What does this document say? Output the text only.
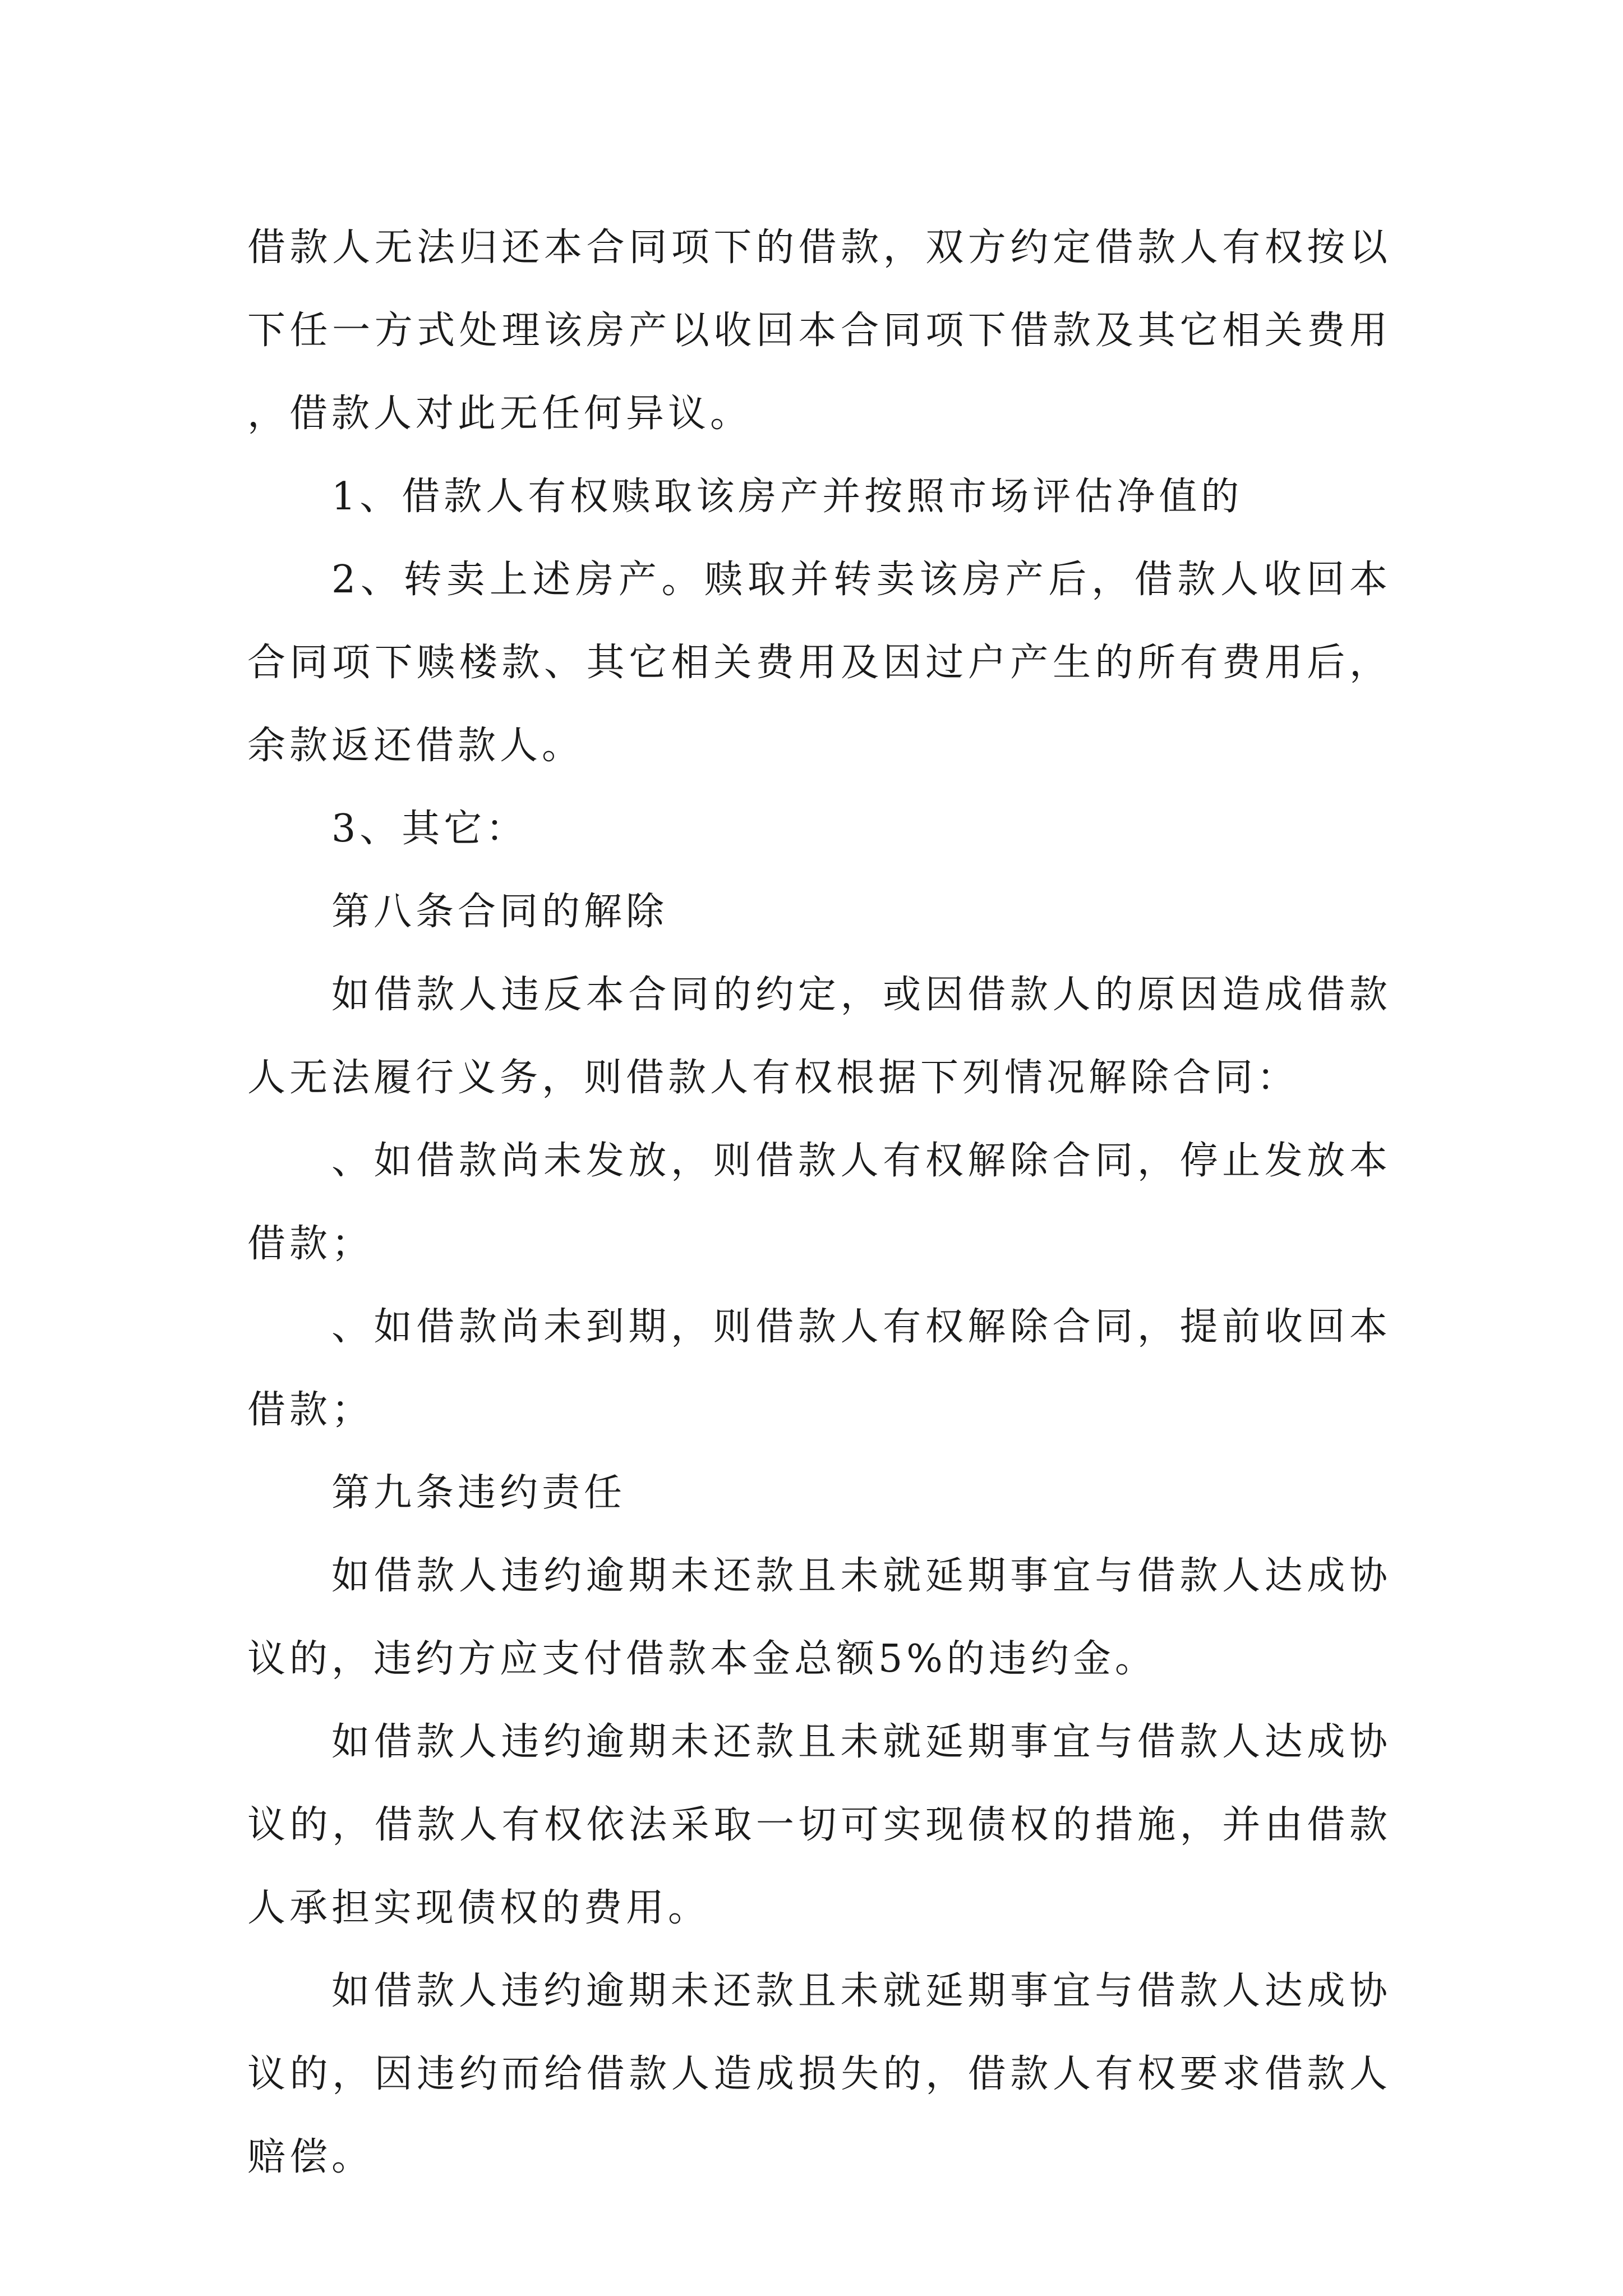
借款人无法归还本合同项下的借款，双方约定借款人有权按以下任一方式处理该房产以收回本合同项下借款及其它相关费用，借款人对此无任何异议。

1、借款人有权赎取该房产并按照市场评估净值的

2、转卖上述房产。赎取并转卖该房产后，借款人收回本合同项下赎楼款、其它相关费用及因过户产生的所有费用后，余款返还借款人。

3、其它：

第八条合同的解除

如借款人违反本合同的约定，或因借款人的原因造成借款人无法履行义务，则借款人有权根据下列情况解除合同：

、如借款尚未发放，则借款人有权解除合同，停止发放本借款；

、如借款尚未到期，则借款人有权解除合同，提前收回本借款；

第九条违约责任

如借款人违约逾期未还款且未就延期事宜与借款人达成协议的，违约方应支付借款本金总额5%的违约金。

如借款人违约逾期未还款且未就延期事宜与借款人达成协议的，借款人有权依法采取一切可实现债权的措施，并由借款人承担实现债权的费用。

如借款人违约逾期未还款且未就延期事宜与借款人达成协议的，因违约而给借款人造成损失的，借款人有权要求借款人赔偿。
